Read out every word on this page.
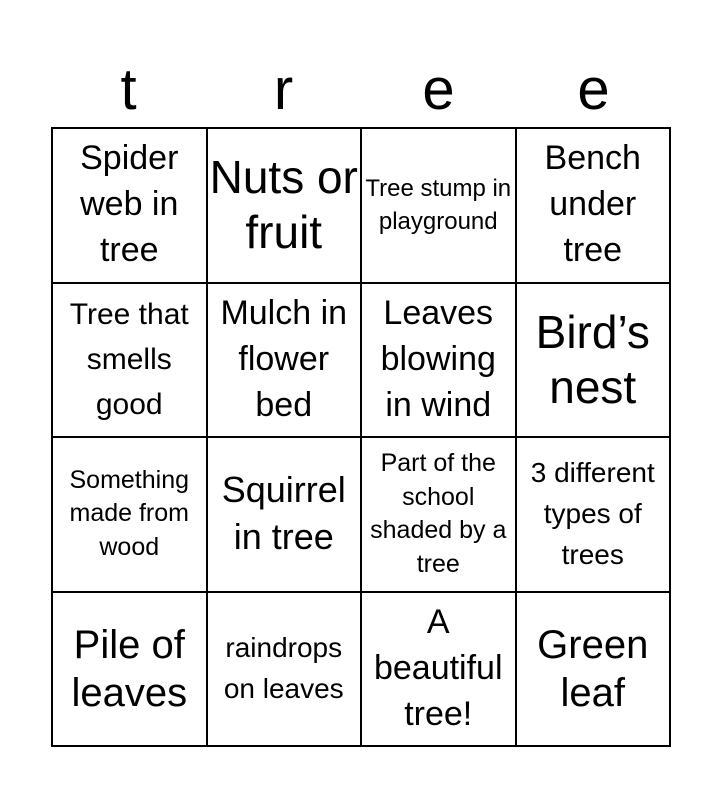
t	r	e	e
Spider web in tree
Nuts or fruit
Tree stump in playground
Bench under tree
Tree that smells good
Mulch in flower bed
Leaves blowing in wind
Bird’s nest
Something made from wood
Squirrel in tree
Part of the school shaded by a tree
3 different types of trees
Pile of leaves
raindrops on leaves
A beautiful tree!
Green leaf
